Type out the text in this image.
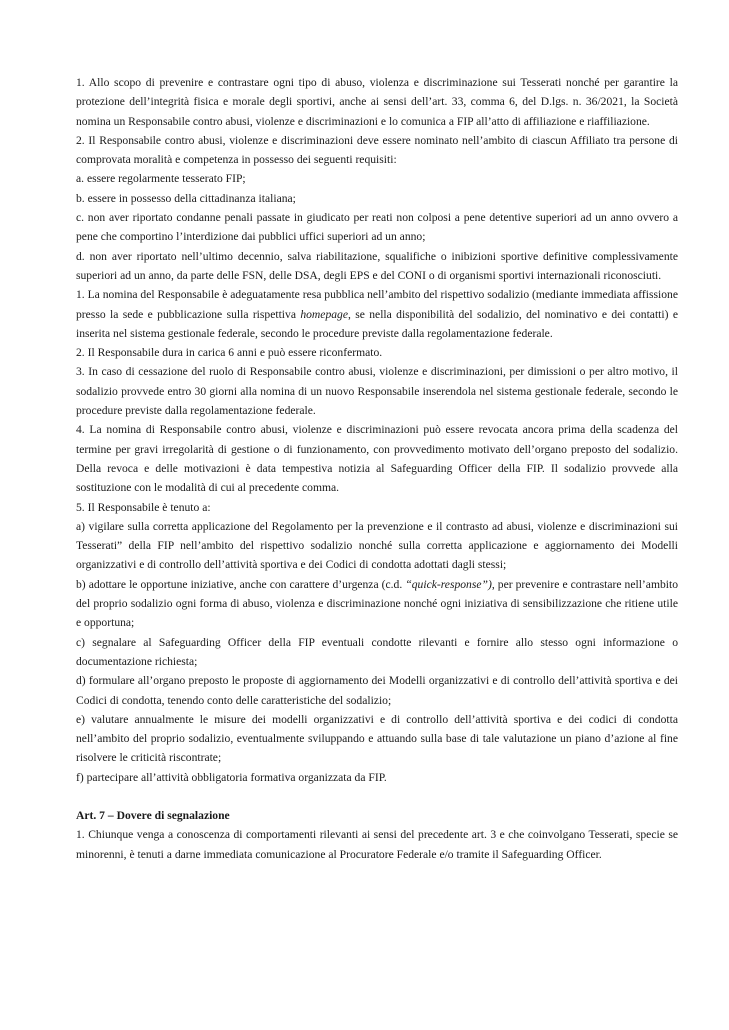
1. Allo scopo di prevenire e contrastare ogni tipo di abuso, violenza e discriminazione sui Tesserati nonché per garantire la protezione dell’integrità fisica e morale degli sportivi, anche ai sensi dell’art. 33, comma 6, del D.lgs. n. 36/2021, la Società nomina un Responsabile contro abusi, violenze e discriminazioni e lo comunica a FIP all’atto di affiliazione e riaffiliazione.

2. Il Responsabile contro abusi, violenze e discriminazioni deve essere nominato nell’ambito di ciascun Affiliato tra persone di comprovata moralità e competenza in possesso dei seguenti requisiti:

a. essere regolarmente tesserato FIP;

b. essere in possesso della cittadinanza italiana;

c. non aver riportato condanne penali passate in giudicato per reati non colposi a pene detentive superiori ad un anno ovvero a pene che comportino l’interdizione dai pubblici uffici superiori ad un anno;

d. non aver riportato nell’ultimo decennio, salva riabilitazione, squalifiche o inibizioni sportive definitive complessivamente superiori ad un anno, da parte delle FSN, delle DSA, degli EPS e del CONI o di organismi sportivi internazionali riconosciuti.

1. La nomina del Responsabile è adeguatamente resa pubblica nell’ambito del rispettivo sodalizio (mediante immediata affissione presso la sede e pubblicazione sulla rispettiva homepage, se nella disponibilità del sodalizio, del nominativo e dei contatti) e inserita nel sistema gestionale federale, secondo le procedure previste dalla regolamentazione federale.

2. Il Responsabile dura in carica 6 anni e può essere riconfermato.

3. In caso di cessazione del ruolo di Responsabile contro abusi, violenze e discriminazioni, per dimissioni o per altro motivo, il sodalizio provvede entro 30 giorni alla nomina di un nuovo Responsabile inserendola nel sistema gestionale federale, secondo le procedure previste dalla regolamentazione federale.

4. La nomina di Responsabile contro abusi, violenze e discriminazioni può essere revocata ancora prima della scadenza del termine per gravi irregolarità di gestione o di funzionamento, con provvedimento motivato dell’organo preposto del sodalizio. Della revoca e delle motivazioni è data tempestiva notizia al Safeguarding Officer della FIP. Il sodalizio provvede alla sostituzione con le modalità di cui al precedente comma.

5. Il Responsabile è tenuto a:

a) vigilare sulla corretta applicazione del Regolamento per la prevenzione e il contrasto ad abusi, violenze e discriminazioni sui Tesserati” della FIP nell’ambito del rispettivo sodalizio nonché sulla corretta applicazione e aggiornamento dei Modelli organizzativi e di controllo dell’attività sportiva e dei Codici di condotta adottati dagli stessi;

b) adottare le opportune iniziative, anche con carattere d’urgenza (c.d. “quick-response”), per prevenire e contrastare nell’ambito del proprio sodalizio ogni forma di abuso, violenza e discriminazione nonché ogni iniziativa di sensibilizzazione che ritiene utile e opportuna;

c) segnalare al Safeguarding Officer della FIP eventuali condotte rilevanti e fornire allo stesso ogni informazione o documentazione richiesta;

d) formulare all’organo preposto le proposte di aggiornamento dei Modelli organizzativi e di controllo dell’attività sportiva e dei Codici di condotta, tenendo conto delle caratteristiche del sodalizio;

e) valutare annualmente le misure dei modelli organizzativi e di controllo dell’attività sportiva e dei codici di condotta nell’ambito del proprio sodalizio, eventualmente sviluppando e attuando sulla base di tale valutazione un piano d’azione al fine risolvere le criticità riscontrate;

f) partecipare all’attività obbligatoria formativa organizzata da FIP.

Art. 7 – Dovere di segnalazione

1. Chiunque venga a conoscenza di comportamenti rilevanti ai sensi del precedente art. 3 e che coinvolgano Tesserati, specie se minorenni, è tenuti a darne immediata comunicazione al Procuratore Federale e/o tramite il Safeguarding Officer.
